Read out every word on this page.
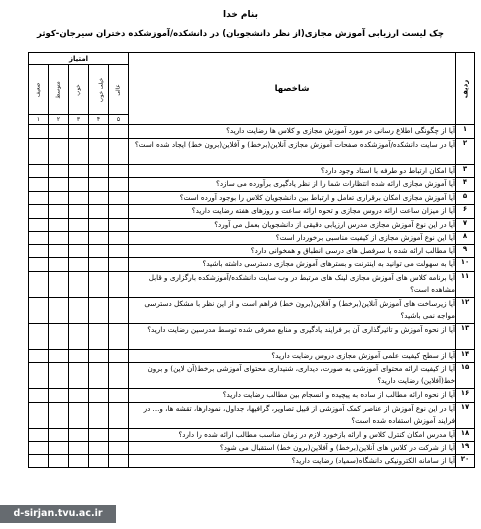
بنام خدا
چک لیست ارزیابی آموزش مجازی(از نظر دانشجویان) در دانشکده/آموزشکده دختران سیرجان-کوثر
امتیاز					شاخصها	ردیف
ضعیف	متوسط	خوب	خیلی خوب	عالی		
۱	۲	۳	۴	۵		
					آیا از چگونگی اطلاع رسانی در مورد آموزش مجازی و کلاس ها رضایت دارید؟	۱
					آیا در سایت دانشکده/آموزشکده صفحات آموزش مجازی آنلاین(برخط) و آفلاین(برون خط) ایجاد شده است؟	۲
					آیا امکان ارتباط دو طرفه با استاد وجود دارد؟	۳
					آیا آموزش مجازی ارائه شده انتظارات شما را از نظر یادگیری برآورده می سازد؟	۴
					آیا آموزش مجازی امکان برقراری تعامل و ارتباط بین دانشجویان کلاس را بوجود آورده است؟	۵
					آیا از میزان ساعت ارائه دروس مجازی و تحوه ارائه ساعت و روزهای هفته رضایت دارید؟	۶
					آیا در این نوع آموزش مجازی مدرس ارزیابی دقیقی از دانشجویان بعمل می آورد؟	۷
					آیا این نوع آموزش مجازی از کیفیت مناسبی برخوردار است؟	۸
					آیا مطالب ارائه شده با سرفصل های درسی انطباق و همخوانی دارد؟	۹
					آیا به سهولت می توانید به اینترنت و بسترهای آموزش مجازی دسترسی داشته باشید؟	۱۰
					آیا برنامه کلاس های آموزش مجازی لینک های مرتبط در وب سایت دانشکده/آموزشکده بارگزاری و قابل مشاهده است؟	۱۱
					آیا زیرساخت های آموزش آنلاین(برخط) و آفلاین(برون خط) فراهم است و از این نظر با مشکل دسترسی مواجه نمی باشید؟	۱۲
					آیا از نحوه آموزش و تاثیرگذاری آن بر فرایند یادگیری و منابع معرفی شده توسط مدرسین رضایت دارید؟	۱۳
					آیا از سطح کیفیت علمی آموزش مجازی دروس رضایت دارید؟	۱۴
					آیا از کیفیت ارائه محتوای آموزشی به صورت، دیداری، شنیداری محتوای آموزشی برخط(آن لاین) و برون خط(آفلاین) رضایت دارید؟	۱۵
					آیا از نحوه ارائه مطالب از ساده به پیچیده و انسجام بین مطالب رضایت دارید؟	۱۶
					آیا در این نوع آموزش از عناصر کمک آموزشی از قبیل تصاویر، گرافیها، جداول، نمودارها، تقشه ها، و... در فرایند آموزش استفاده شده است؟	۱۷
					آیا مدرس امکان کنترل کلاس و ارائه بازخورد لازم در زمان مناسب مطالب ارائه شده را دارد؟	۱۸
					آیا از شرکت در کلاس های آنلاین(برخط) و آفلاین(برون خط) استقبال می شود؟	۱۹
					آیا از سامانه الکترونیکی دانشگاه(سمیاد) رضایت دارید؟	۲۰
d-sirjan.tvu.ac.ir
